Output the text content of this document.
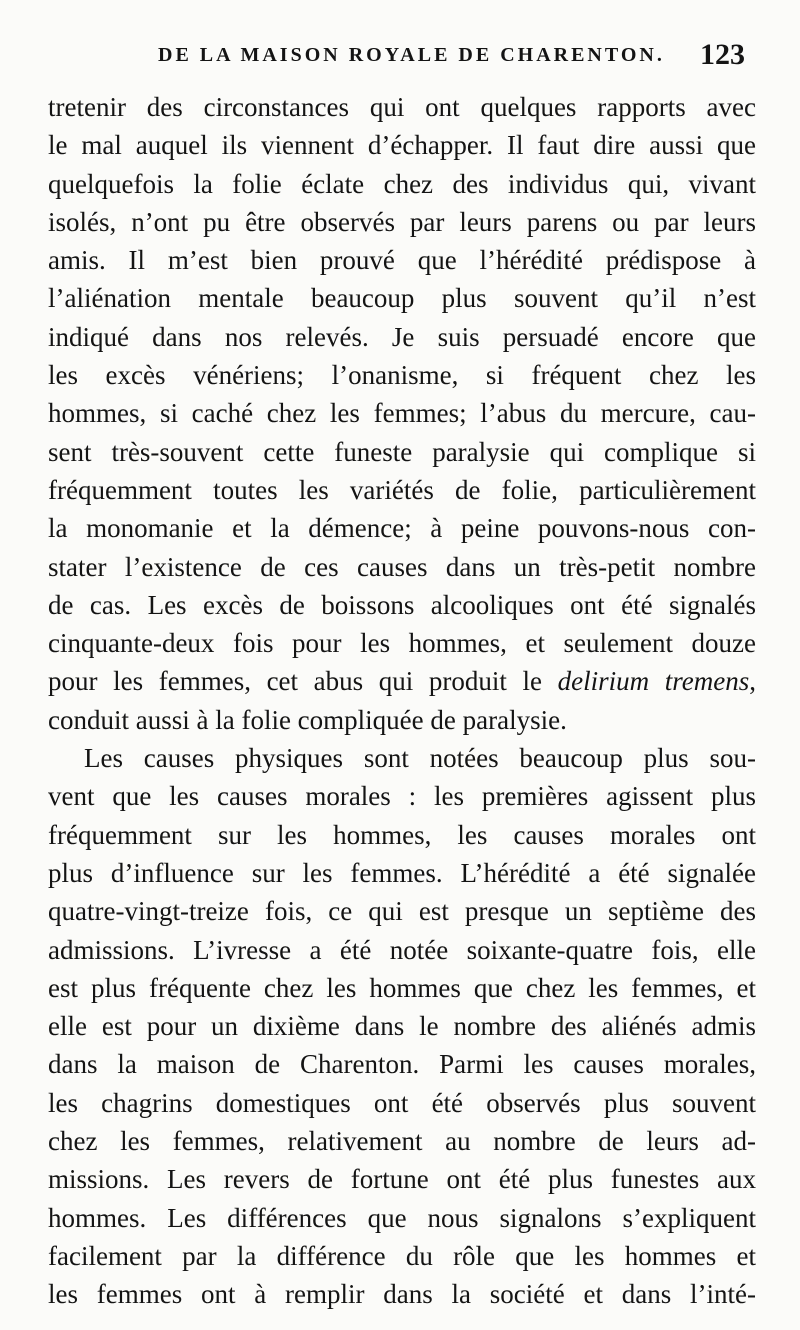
DE LA MAISON ROYALE DE CHARENTON. 123
tretenir des circonstances qui ont quelques rapports avec
le mal auquel ils viennent d’échapper. Il faut dire aussi que
quelquefois la folie éclate chez des individus qui, vivant
isolés, n’ont pu être observés par leurs parens ou par leurs
amis. Il m’est bien prouvé que l’hérédité prédispose à
l’aliénation mentale beaucoup plus souvent qu’il n’est
indiqué dans nos relevés. Je suis persuadé encore que
les excès vénériens; l’onanisme, si fréquent chez les
hommes, si caché chez les femmes; l’abus du mercure, cau-
sent très-souvent cette funeste paralysie qui complique si
fréquemment toutes les variétés de folie, particulièrement
la monomanie et la démence; à peine pouvons-nous con-
stater l’existence de ces causes dans un très-petit nombre
de cas. Les excès de boissons alcooliques ont été signalés
cinquante-deux fois pour les hommes, et seulement douze
pour les femmes, cet abus qui produit le delirium tremens,
conduit aussi à la folie compliquée de paralysie.
Les causes physiques sont notées beaucoup plus sou-
vent que les causes morales : les premières agissent plus
fréquemment sur les hommes, les causes morales ont
plus d’influence sur les femmes. L’hérédité a été signalée
quatre-vingt-treize fois, ce qui est presque un septième des
admissions. L’ivresse a été notée soixante-quatre fois, elle
est plus fréquente chez les hommes que chez les femmes, et
elle est pour un dixième dans le nombre des aliénés admis
dans la maison de Charenton. Parmi les causes morales,
les chagrins domestiques ont été observés plus souvent
chez les femmes, relativement au nombre de leurs ad-
missions. Les revers de fortune ont été plus funestes aux
hommes. Les différences que nous signalons s’expliquent
facilement par la différence du rôle que les hommes et
les femmes ont à remplir dans la société et dans l’inté-
